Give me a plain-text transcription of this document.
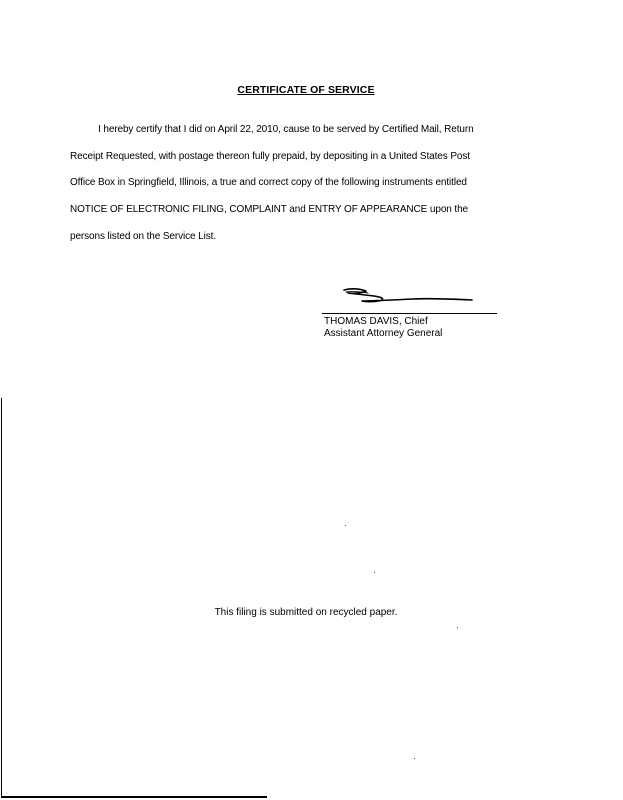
CERTIFICATE OF SERVICE
I hereby certify that I did on April 22, 2010, cause to be served by Certified Mail, Return
Receipt Requested, with postage thereon fully prepaid, by depositing in a United States Post
Office Box in Springfield, Illinois, a true and correct copy of the following instruments entitled
NOTICE OF ELECTRONIC FILING, COMPLAINT and ENTRY OF APPEARANCE upon the
persons listed on the Service List.
THOMAS DAVIS, Chief
Assistant Attorney General
This filing is submitted on recycled paper.
